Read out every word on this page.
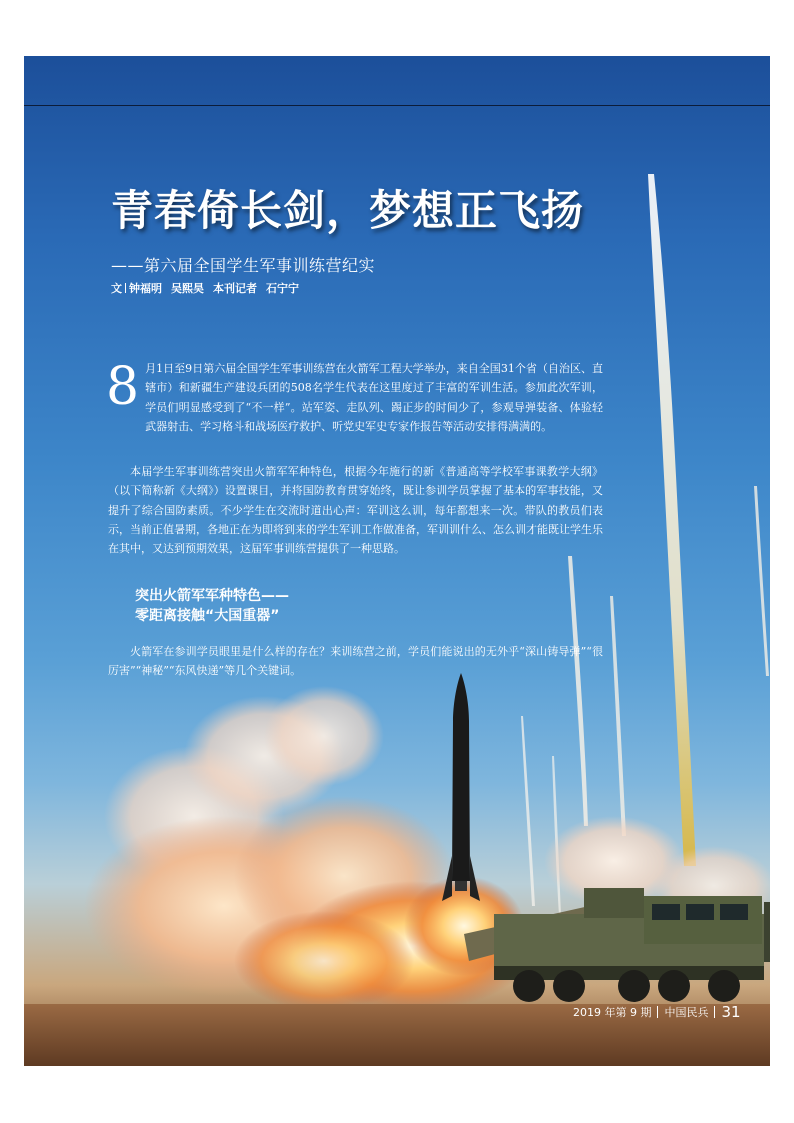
青春倚长剑，梦想正飞扬
——第六届全国学生军事训练营纪实
文 钟福明 吴熙昊 本刊记者 石宁宁
8 月1日至9日第六届全国学生军事训练营在火箭军工程大学举办，来自全国31个省（自治区、直辖市）和新疆生产建设兵团的508名学生代表在这里度过了丰富的军训生活。参加此次军训，学员们明显感受到了“不一样”。站军姿、走队列、踢正步的时间少了，参观导弹装备、体验轻武器射击、学习格斗和战场医疗救护、听党史军史专家作报告等活动安排得满满的。
本届学生军事训练营突出火箭军军种特色，根据今年施行的新《普通高等学校军事课教学大纲》（以下简称新《大纲》）设置课目，并将国防教育贯穿始终，既让参训学员掌握了基本的军事技能，又提升了综合国防素质。不少学生在交流时道出心声：军训这么训，每年都想来一次。带队的教员们表示，当前正值暑期，各地正在为即将到来的学生军训工作做准备，军训训什么、怎么训才能既让学生乐在其中，又达到预期效果，这届军事训练营提供了一种思路。
突出火箭军军种特色——
零距离接触“大国重器”
火箭军在参训学员眼里是什么样的存在？来训练营之前，学员们能说出的无外乎“深山铸导弹”“很厉害”“神秘”“东风快递”等几个关键词。
2019 年第 9 期 中国民兵 31
